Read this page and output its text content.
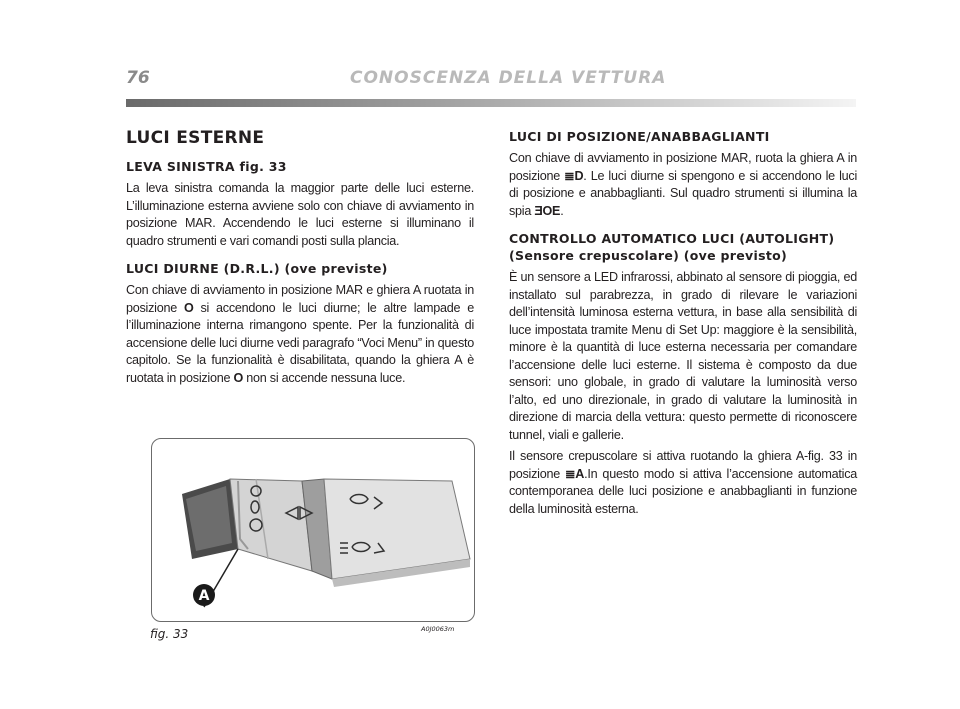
76	CONOSCENZA DELLA VETTURA
LUCI ESTERNE
LEVA SINISTRA fig. 33

La leva sinistra comanda la maggior parte delle luci esterne. L’illuminazione esterna avviene solo con chiave di avviamento in posizione MAR. Accendendo le luci esterne si illuminano il quadro strumenti e vari comandi posti sulla plancia.

LUCI DIURNE (D.R.L.) (ove previste)

Con chiave di avviamento in posizione MAR e ghiera A ruotata in posizione O si accendono le luci diurne; le altre lampade e l’illuminazione interna rimangono spente. Per la funzionalità di accensione delle luci diurne vedi paragrafo “Voci Menu” in questo capitolo. Se la funzionalità è disabilitata, quando la ghiera A è ruotata in posizione O non si accende nessuna luce.

LUCI DI POSIZIONE/ANABBAGLIANTI

Con chiave di avviamento in posizione MAR, ruota la ghiera A in posizione ≣D. Le luci diurne si spengono e si accendono le luci di posizione e anabbaglianti. Sul quadro strumenti si illumina la spia ƎOE.

CONTROLLO AUTOMATICO LUCI (AUTOLIGHT)
(Sensore crepuscolare) (ove previsto)

È un sensore a LED infrarossi, abbinato al sensore di pioggia, ed installato sul parabrezza, in grado di rilevare le variazioni dell’intensità luminosa esterna vettura, in base alla sensibilità di luce impostata tramite Menu di Set Up: maggiore è la sensibilità, minore è la quantità di luce esterna necessaria per comandare l’accensione delle luci esterne. Il sistema è composto da due sensori: uno globale, in grado di valutare la luminosità verso l’alto, ed uno direzionale, in grado di valutare la luminosità in direzione di marcia della vettura: questo permette di riconoscere tunnel, viali e gallerie.

Il sensore crepuscolare si attiva ruotando la ghiera A-fig. 33 in posizione ≣A.In questo modo si attiva l’accensione automatica contemporanea delle luci posizione e anabbaglianti in funzione della luminosità esterna.

A
fig. 33	A0J0063m
